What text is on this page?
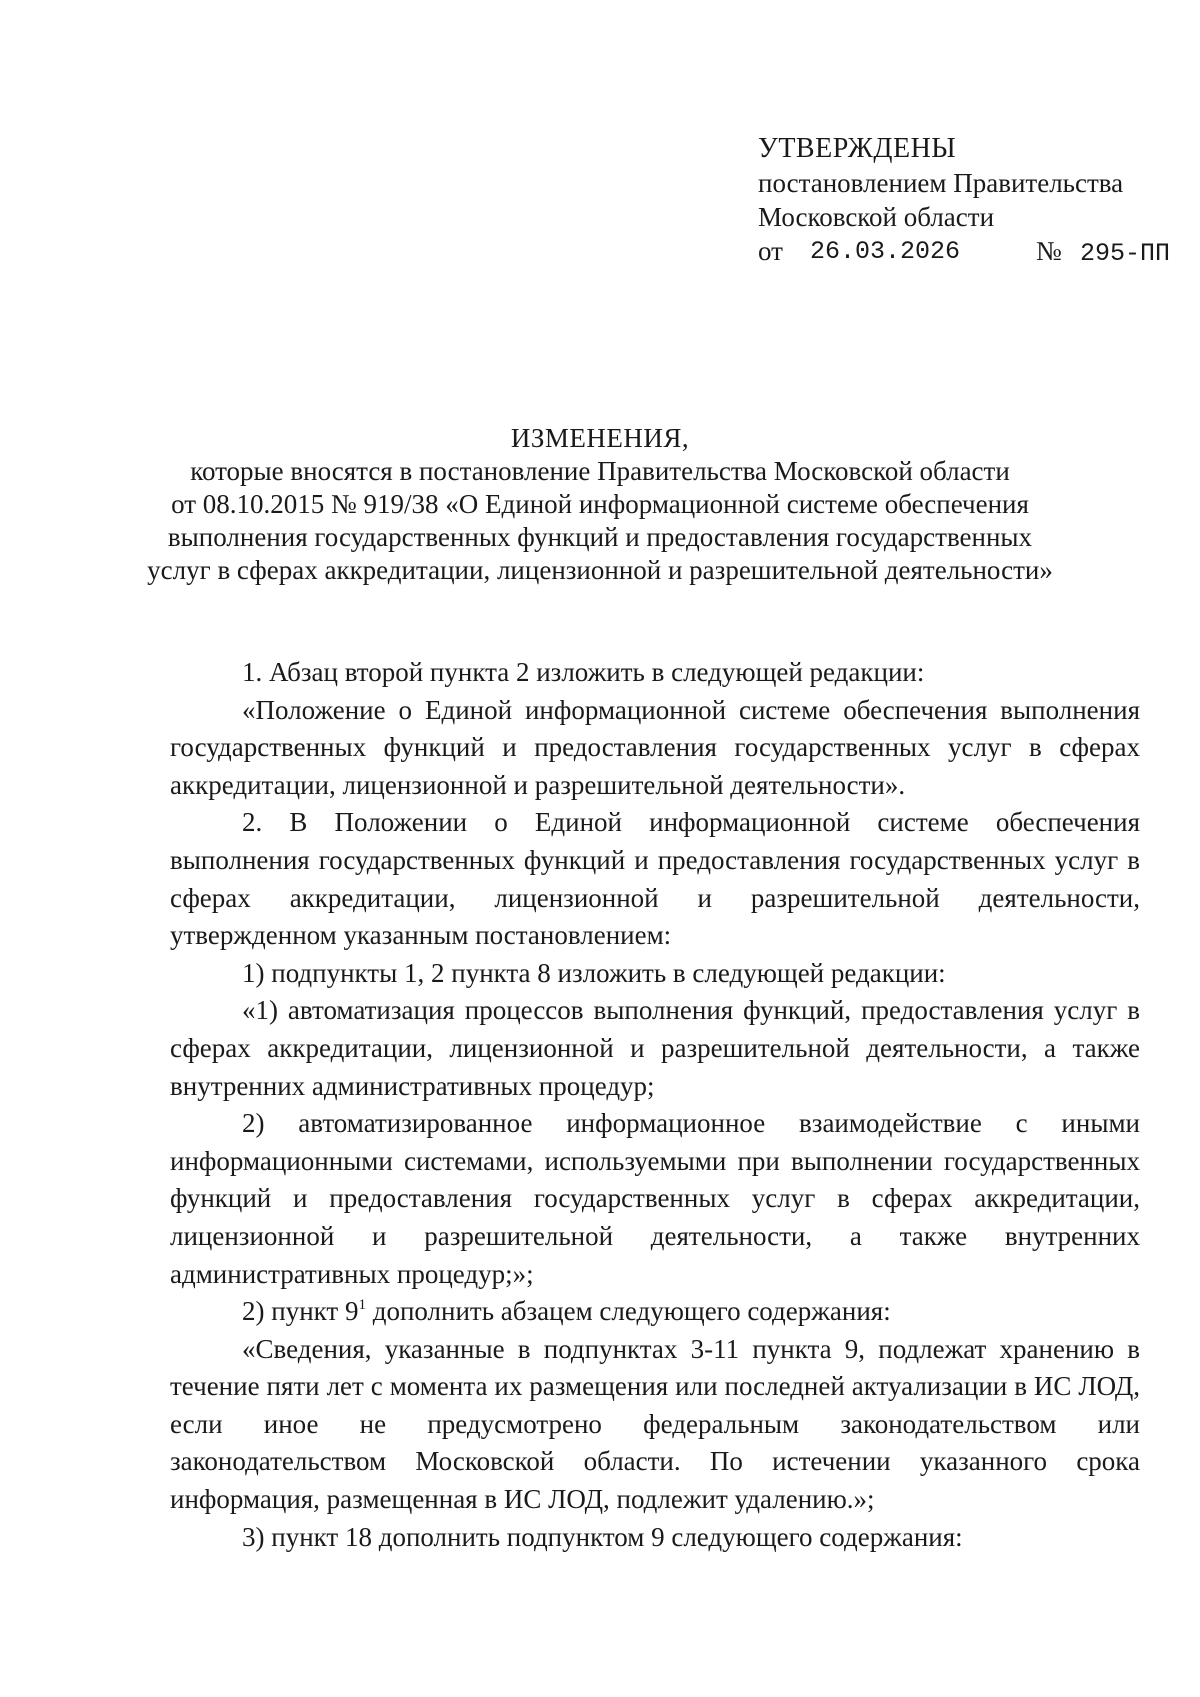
УТВЕРЖДЕНЫ
постановлением Правительства
Московской области
от 26.03.2026	№ 295-ПП
ИЗМЕНЕНИЯ,
которые вносятся в постановление Правительства Московской области
от 08.10.2015 № 919/38 «О Единой информационной системе обеспечения
выполнения государственных функций и предоставления государственных
услуг в сферах аккредитации, лицензионной и разрешительной деятельности»

1. Абзац второй пункта 2 изложить в следующей редакции:

«Положение о Единой информационной системе обеспечения выполнения государственных функций и предоставления государственных услуг в сферах аккредитации, лицензионной и разрешительной деятельности».

2. В Положении о Единой информационной системе обеспечения выполнения государственных функций и предоставления государственных услуг в сферах аккредитации, лицензионной и разрешительной деятельности, утвержденном указанным постановлением:

1) подпункты 1, 2 пункта 8 изложить в следующей редакции:

«1) автоматизация процессов выполнения функций, предоставления услуг в сферах аккредитации, лицензионной и разрешительной деятельности, а также внутренних административных процедур;

2) автоматизированное информационное взаимодействие с иными информационными системами, используемыми при выполнении государственных функций и предоставления государственных услуг в сферах аккредитации, лицензионной и разрешительной деятельности, а также внутренних административных процедур;»;

2) пункт $9^1$ дополнить абзацем следующего содержания:

«Сведения, указанные в подпунктах 3-11 пункта 9, подлежат хранению в течение пяти лет с момента их размещения или последней актуализации в ИС ЛОД, если иное не предусмотрено федеральным законодательством или законодательством Московской области. По истечении указанного срока информация, размещенная в ИС ЛОД, подлежит удалению.»;

3) пункт 18 дополнить подпунктом 9 следующего содержания:
